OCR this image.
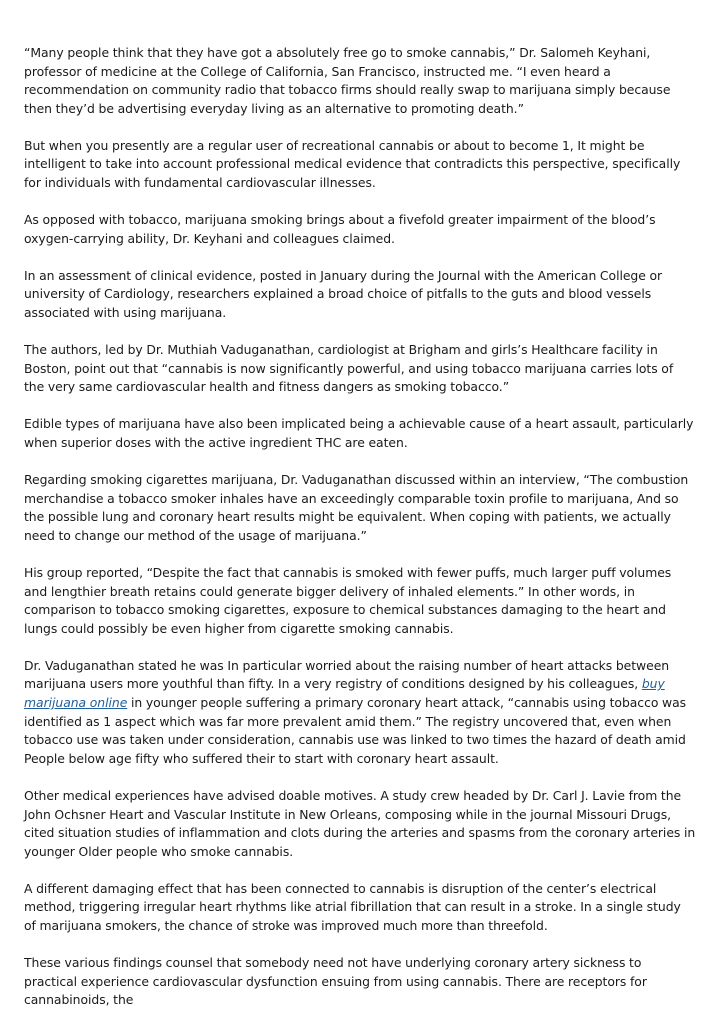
“Many people think that they have got a absolutely free go to smoke cannabis,” Dr. Salomeh Keyhani, professor of medicine at the College of California, San Francisco, instructed me. “I even heard a recommendation on community radio that tobacco firms should really swap to marijuana simply because then they’d be advertising everyday living as an alternative to promoting death.”

But when you presently are a regular user of recreational cannabis or about to become 1, It might be intelligent to take into account professional medical evidence that contradicts this perspective, specifically for individuals with fundamental cardiovascular illnesses.

As opposed with tobacco, marijuana smoking brings about a fivefold greater impairment of the blood’s oxygen-carrying ability, Dr. Keyhani and colleagues claimed.

In an assessment of clinical evidence, posted in January during the Journal with the American College or university of Cardiology, researchers explained a broad choice of pitfalls to the guts and blood vessels associated with using marijuana.

The authors, led by Dr. Muthiah Vaduganathan, cardiologist at Brigham and girls’s Healthcare facility in Boston, point out that “cannabis is now significantly powerful, and using tobacco marijuana carries lots of the very same cardiovascular health and fitness dangers as smoking tobacco.”

Edible types of marijuana have also been implicated being a achievable cause of a heart assault, particularly when superior doses with the active ingredient THC are eaten.

Regarding smoking cigarettes marijuana, Dr. Vaduganathan discussed within an interview, “The combustion merchandise a tobacco smoker inhales have an exceedingly comparable toxin profile to marijuana, And so the possible lung and coronary heart results might be equivalent. When coping with patients, we actually need to change our method of the usage of marijuana.”

His group reported, “Despite the fact that cannabis is smoked with fewer puffs, much larger puff volumes and lengthier breath retains could generate bigger delivery of inhaled elements.” In other words, in comparison to tobacco smoking cigarettes, exposure to chemical substances damaging to the heart and lungs could possibly be even higher from cigarette smoking cannabis.

Dr. Vaduganathan stated he was In particular worried about the raising number of heart attacks between marijuana users more youthful than fifty. In a very registry of conditions designed by his colleagues, buy marijuana online in younger people suffering a primary coronary heart attack, “cannabis using tobacco was identified as 1 aspect which was far more prevalent amid them.” The registry uncovered that, even when tobacco use was taken under consideration, cannabis use was linked to two times the hazard of death amid People below age fifty who suffered their to start with coronary heart assault.

Other medical experiences have advised doable motives. A study crew headed by Dr. Carl J. Lavie from the John Ochsner Heart and Vascular Institute in New Orleans, composing while in the journal Missouri Drugs, cited situation studies of inflammation and clots during the arteries and spasms from the coronary arteries in younger Older people who smoke cannabis.

A different damaging effect that has been connected to cannabis is disruption of the center’s electrical method, triggering irregular heart rhythms like atrial fibrillation that can result in a stroke. In a single study of marijuana smokers, the chance of stroke was improved much more than threefold.

These various findings counsel that somebody need not have underlying coronary artery sickness to practical experience cardiovascular dysfunction ensuing from using cannabis. There are receptors for cannabinoids, the
